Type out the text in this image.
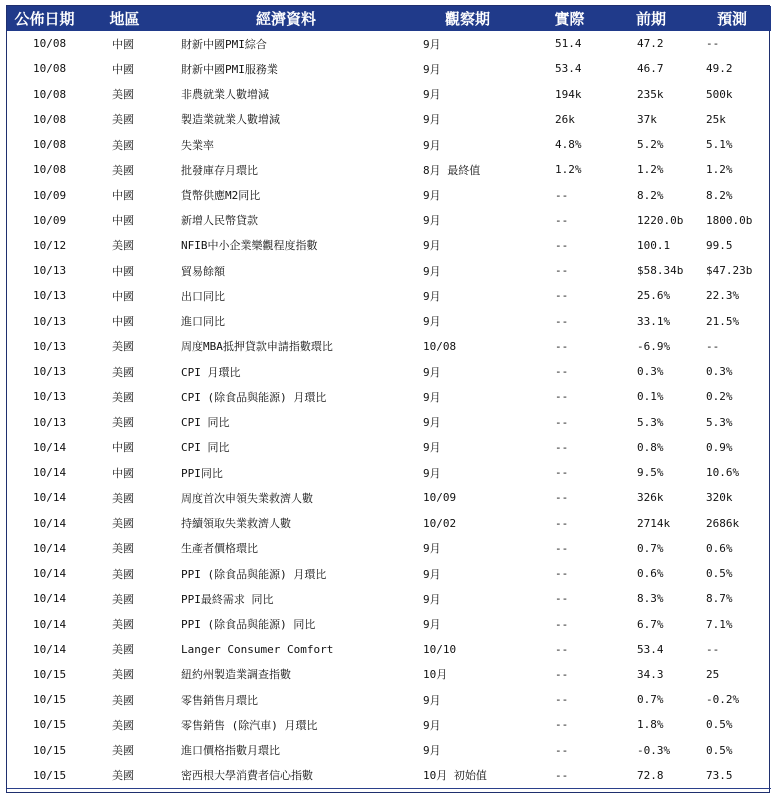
公佈日期	地區	經濟資料	觀察期	實際	前期	預測
10/08	中國	財新中國PMI綜合	9月	51.4	47.2	--
10/08	中國	財新中國PMI服務業	9月	53.4	46.7	49.2
10/08	美國	非農就業人數增減	9月	194k	235k	500k
10/08	美國	製造業就業人數增減	9月	26k	37k	25k
10/08	美國	失業率	9月	4.8%	5.2%	5.1%
10/08	美國	批發庫存月環比	8月 最終值	1.2%	1.2%	1.2%
10/09	中國	貨幣供應M2同比	9月	--	8.2%	8.2%
10/09	中國	新增人民幣貸款	9月	--	1220.0b	1800.0b
10/12	美國	NFIB中小企業樂觀程度指數	9月	--	100.1	99.5
10/13	中國	貿易餘額	9月	--	$58.34b	$47.23b
10/13	中國	出口同比	9月	--	25.6%	22.3%
10/13	中國	進口同比	9月	--	33.1%	21.5%
10/13	美國	周度MBA抵押貸款申請指數環比	10/08	--	-6.9%	--
10/13	美國	CPI 月環比	9月	--	0.3%	0.3%
10/13	美國	CPI (除食品與能源) 月環比	9月	--	0.1%	0.2%
10/13	美國	CPI 同比	9月	--	5.3%	5.3%
10/14	中國	CPI 同比	9月	--	0.8%	0.9%
10/14	中國	PPI同比	9月	--	9.5%	10.6%
10/14	美國	周度首次申領失業救濟人數	10/09	--	326k	320k
10/14	美國	持續領取失業救濟人數	10/02	--	2714k	2686k
10/14	美國	生產者價格環比	9月	--	0.7%	0.6%
10/14	美國	PPI (除食品與能源) 月環比	9月	--	0.6%	0.5%
10/14	美國	PPI最終需求 同比	9月	--	8.3%	8.7%
10/14	美國	PPI (除食品與能源) 同比	9月	--	6.7%	7.1%
10/14	美國	Langer Consumer Comfort	10/10	--	53.4	--
10/15	美國	紐約州製造業調查指數	10月	--	34.3	25
10/15	美國	零售銷售月環比	9月	--	0.7%	-0.2%
10/15	美國	零售銷售 (除汽車) 月環比	9月	--	1.8%	0.5%
10/15	美國	進口價格指數月環比	9月	--	-0.3%	0.5%
10/15	美國	密西根大學消費者信心指數	10月 初始值	--	72.8	73.5
